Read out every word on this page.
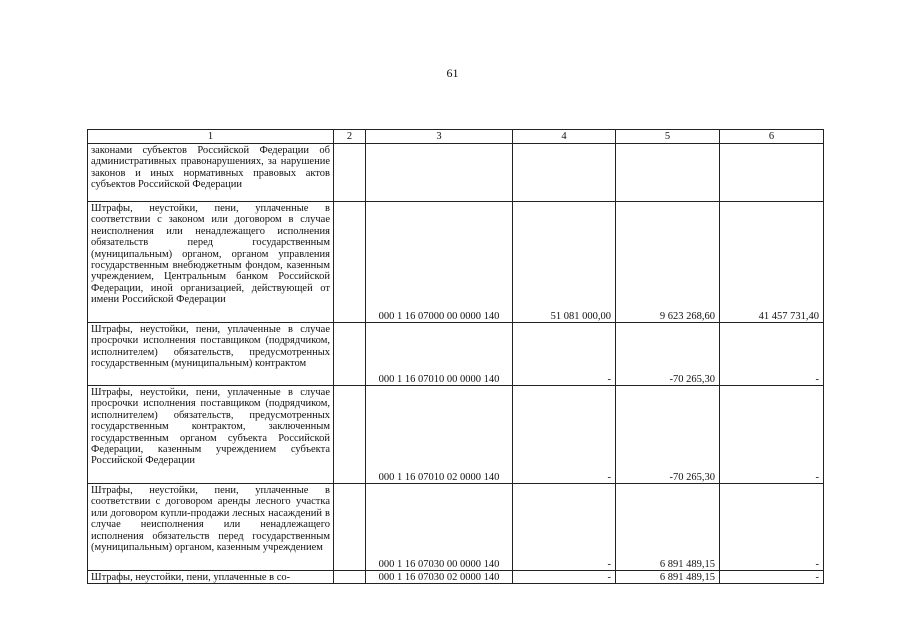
61
1	2	3	4	5	6
законами субъектов Российской Федерации об административных правонарушениях, за нарушение законов и иных нормативных правовых актов субъектов Российской Федерации					
Штрафы, неустойки, пени, уплаченные в соответствии с законом или договором в случае неисполнения или ненадлежащего исполнения обязательств перед государственным (муниципальным) органом, органом управления государственным внебюджетным фондом, казенным учреждением, Центральным банком Российской Федерации, иной организацией, действующей от имени Российской Федерации		000 1 16 07000 00 0000 140	51 081 000,00	9 623 268,60	41 457 731,40
Штрафы, неустойки, пени, уплаченные в случае просрочки исполнения поставщиком (подрядчиком, исполнителем) обязательств, предусмотренных государственным (муниципальным) контрактом		000 1 16 07010 00 0000 140	-	-70 265,30	-
Штрафы, неустойки, пени, уплаченные в случае просрочки исполнения поставщиком (подрядчиком, исполнителем) обязательств, предусмотренных государственным контрактом, заключенным государственным органом субъекта Российской Федерации, казенным учреждением субъекта Российской Федерации		000 1 16 07010 02 0000 140	-	-70 265,30	-
Штрафы, неустойки, пени, уплаченные в соответствии с договором аренды лесного участка или договором купли-продажи лесных насаждений в случае неисполнения или ненадлежащего исполнения обязательств перед государственным (муниципальным) органом, казенным учреждением		000 1 16 07030 00 0000 140	-	6 891 489,15	-

Штрафы, неустойки, пени, уплаченные в со-		000 1 16 07030 02 0000 140	-	6 891 489,15	-
